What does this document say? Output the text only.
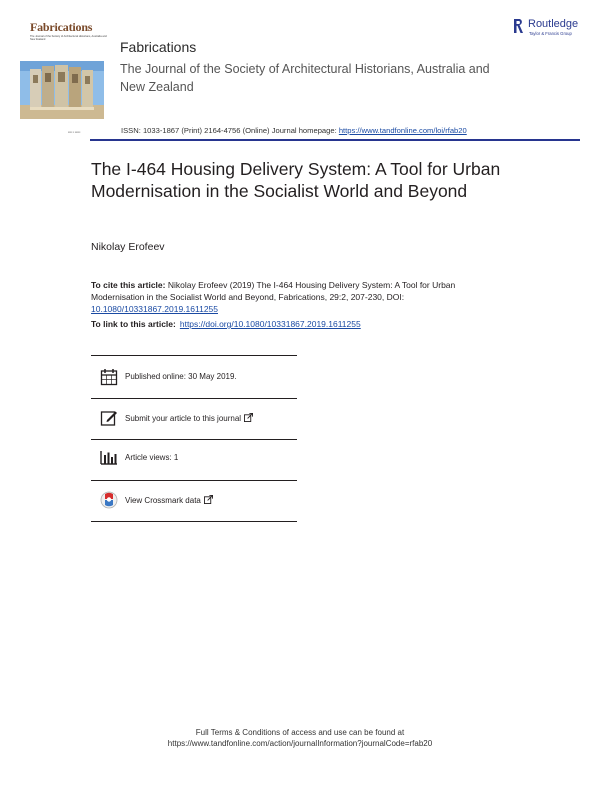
Fabrications
The Journal of the Society of Architectural Historians, Australia and New Zealand
▪▪▪▪ ▪ ▪▪▪▪▪
Routledge
Taylor & Francis Group
Fabrications
The Journal of the Society of Architectural Historians, Australia and New Zealand
ISSN: 1033-1867 (Print) 2164-4756 (Online) Journal homepage: https://www.tandfonline.com/loi/rfab20
The I-464 Housing Delivery System: A Tool for Urban Modernisation in the Socialist World and Beyond
Nikolay Erofeev
To cite this article: Nikolay Erofeev (2019) The I-464 Housing Delivery System: A Tool for Urban Modernisation in the Socialist World and Beyond, Fabrications, 29:2, 207-230, DOI: 10.1080/10331867.2019.1611255
To link to this article: https://doi.org/10.1080/10331867.2019.1611255
Published online: 30 May 2019.
Submit your article to this journal
Article views: 1
View Crossmark data
Full Terms & Conditions of access and use can be found at
https://www.tandfonline.com/action/journalInformation?journalCode=rfab20
